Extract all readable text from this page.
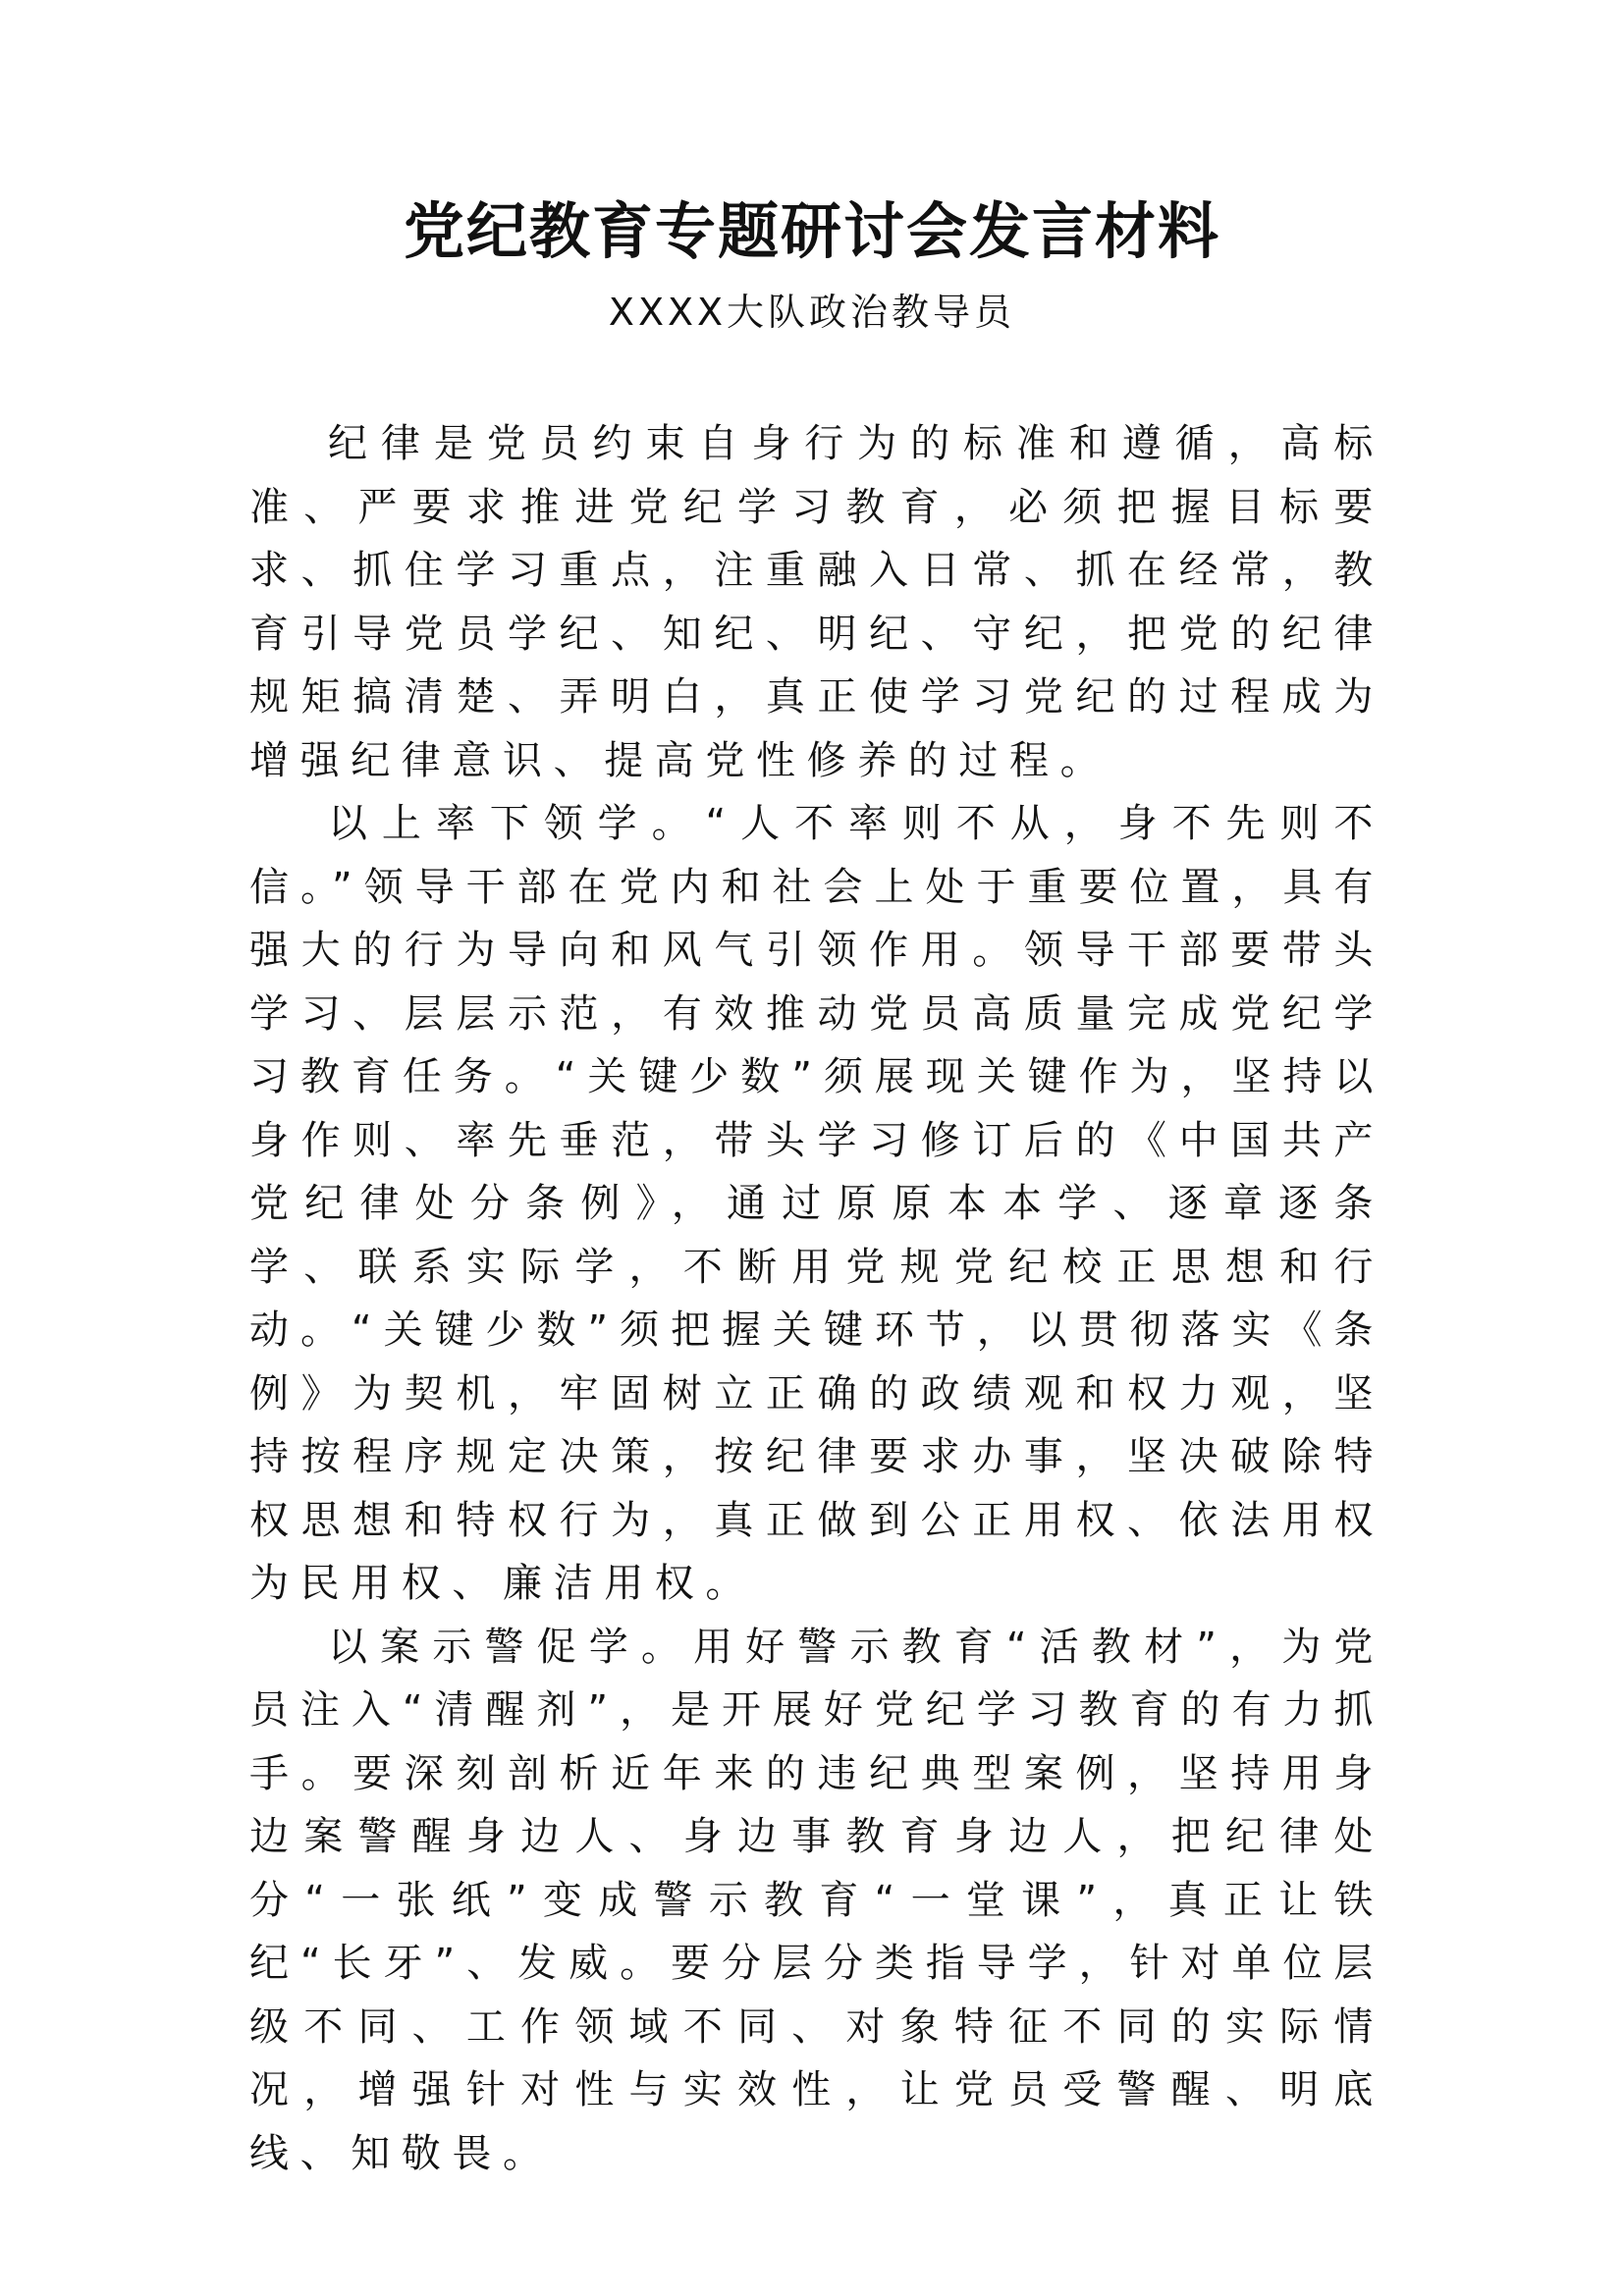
党纪教育专题研讨会发言材料
XXXX大队政治教导员

纪律是党员约束自身行为的标准和遵循，高标准、严要求推进党纪学习教育，必须把握目标要求、抓住学习重点，注重融入日常、抓在经常，教育引导党员学纪、知纪、明纪、守纪，把党的纪律规矩搞清楚、弄明白，真正使学习党纪的过程成为增强纪律意识、提高党性修养的过程。

以上率下领学。“人不率则不从，身不先则不信。”领导干部在党内和社会上处于重要位置，具有强大的行为导向和风气引领作用。领导干部要带头学习、层层示范，有效推动党员高质量完成党纪学习教育任务。“关键少数”须展现关键作为，坚持以身作则、率先垂范，带头学习修订后的《中国共产党纪律处分条例》，通过原原本本学、逐章逐条学、联系实际学，不断用党规党纪校正思想和行动。“关键少数”须把握关键环节，以贯彻落实《条例》为契机，牢固树立正确的政绩观和权力观，坚持按程序规定决策，按纪律要求办事，坚决破除特权思想和特权行为，真正做到公正用权、依法用权为民用权、廉洁用权。

以案示警促学。用好警示教育“活教材”，为党员注入“清醒剂”，是开展好党纪学习教育的有力抓手。要深刻剖析近年来的违纪典型案例，坚持用身边案警醒身边人、身边事教育身边人，把纪律处分“一张纸”变成警示教育“一堂课”，真正让铁纪“长牙”、发威。要分层分类指导学，针对单位层级不同、工作领域不同、对象特征不同的实际情况，增强针对性与实效性，让党员受警醒、明底线、知敬畏。
